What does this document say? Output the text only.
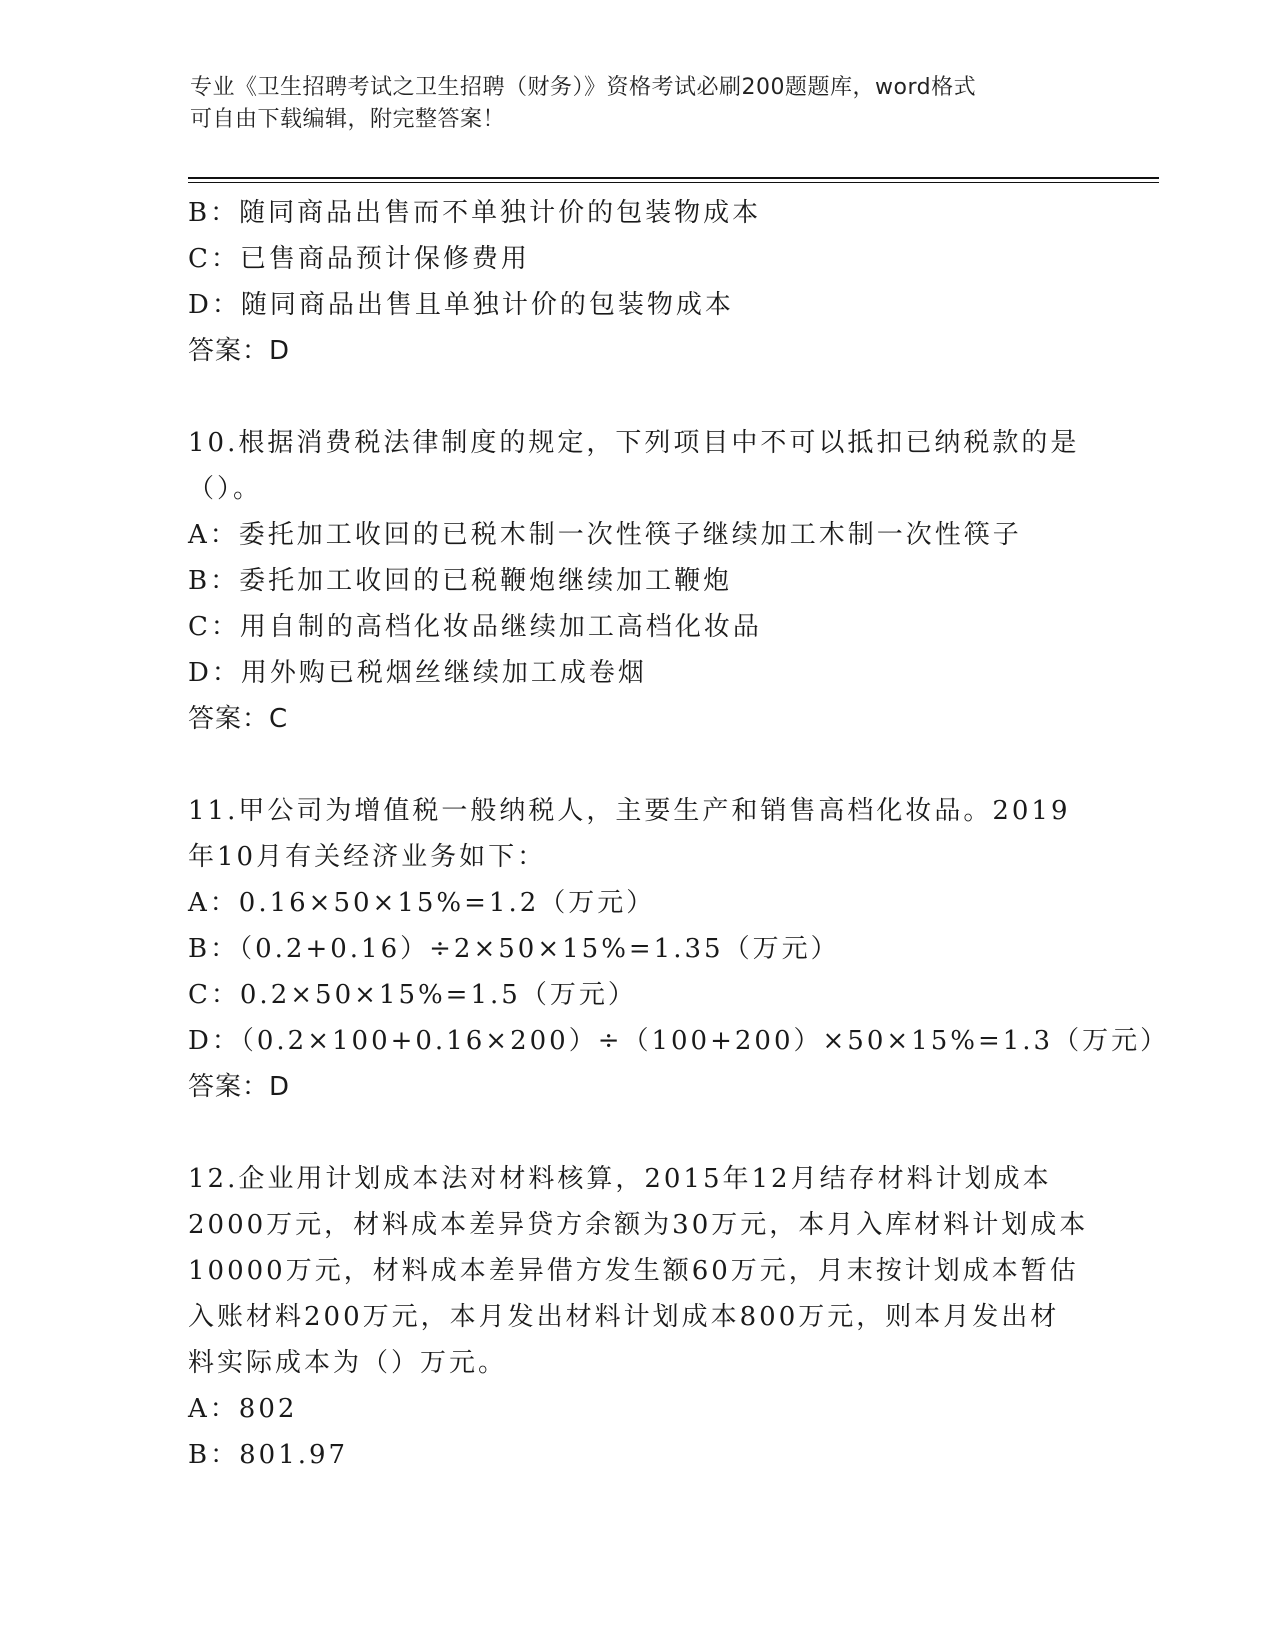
专业《卫生招聘考试之卫生招聘（财务）》资格考试必刷200题题库，word格式
可自由下载编辑，附完整答案！
B：随同商品出售而不单独计价的包装物成本
C：已售商品预计保修费用
D：随同商品出售且单独计价的包装物成本
答案：D
10.根据消费税法律制度的规定，下列项目中不可以抵扣已纳税款的是
（）。
A：委托加工收回的已税木制一次性筷子继续加工木制一次性筷子
B：委托加工收回的已税鞭炮继续加工鞭炮
C：用自制的高档化妆品继续加工高档化妆品
D：用外购已税烟丝继续加工成卷烟
答案：C
11.甲公司为增值税一般纳税人，主要生产和销售高档化妆品。2019
年10月有关经济业务如下：
A：0.16×50×15%=1.2（万元）
B：（0.2+0.16）÷2×50×15%=1.35（万元）
C：0.2×50×15%=1.5（万元）
D：（0.2×100+0.16×200）÷（100+200）×50×15%=1.3（万元）
答案：D
12.企业用计划成本法对材料核算，2015年12月结存材料计划成本
2000万元，材料成本差异贷方余额为30万元，本月入库材料计划成本
10000万元，材料成本差异借方发生额60万元，月末按计划成本暂估
入账材料200万元，本月发出材料计划成本800万元，则本月发出材
料实际成本为（）万元。
A：802
B：801.97
